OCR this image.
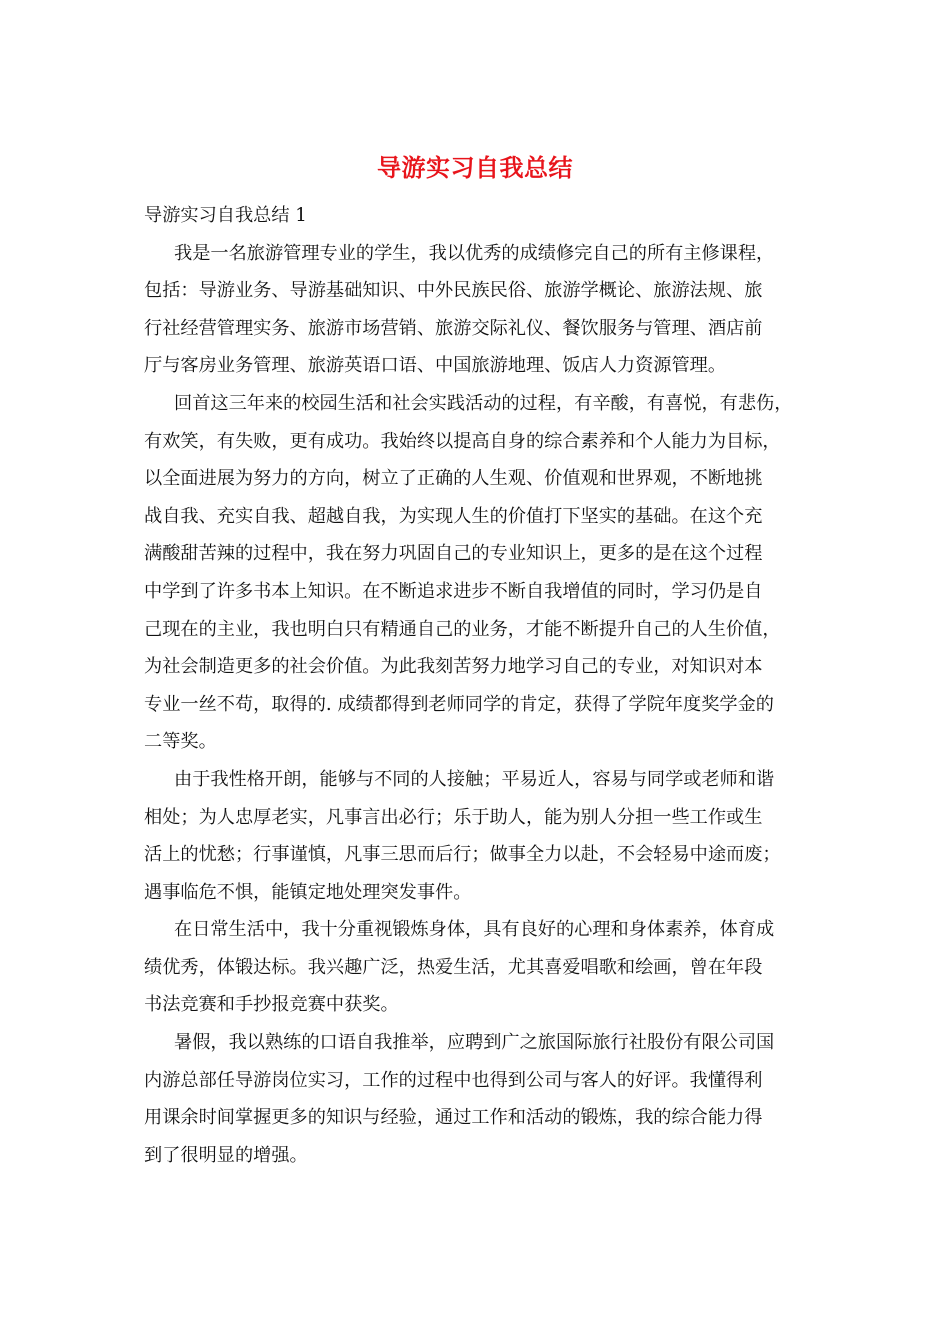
导游实习自我总结
导游实习自我总结 1
我是一名旅游管理专业的学生，我以优秀的成绩修完自己的所有主修课程，
包括：导游业务、导游基础知识、中外民族民俗、旅游学概论、旅游法规、旅
行社经营管理实务、旅游市场营销、旅游交际礼仪、餐饮服务与管理、酒店前
厅与客房业务管理、旅游英语口语、中国旅游地理、饭店人力资源管理。
回首这三年来的校园生活和社会实践活动的过程，有辛酸，有喜悦，有悲伤，
有欢笑，有失败，更有成功。我始终以提高自身的综合素养和个人能力为目标，
以全面进展为努力的方向，树立了正确的人生观、价值观和世界观，不断地挑
战自我、充实自我、超越自我，为实现人生的价值打下坚实的基础。在这个充
满酸甜苦辣的过程中，我在努力巩固自己的专业知识上，更多的是在这个过程
中学到了许多书本上知识。在不断追求进步不断自我增值的同时，学习仍是自
己现在的主业，我也明白只有精通自己的业务，才能不断提升自己的人生价值，
为社会制造更多的社会价值。为此我刻苦努力地学习自己的专业，对知识对本
专业一丝不苟，取得的. 成绩都得到老师同学的肯定，获得了学院年度奖学金的
二等奖。
由于我性格开朗，能够与不同的人接触；平易近人，容易与同学或老师和谐
相处；为人忠厚老实，凡事言出必行；乐于助人，能为别人分担一些工作或生
活上的忧愁；行事谨慎，凡事三思而后行；做事全力以赴，不会轻易中途而废；
遇事临危不惧，能镇定地处理突发事件。
在日常生活中，我十分重视锻炼身体，具有良好的心理和身体素养，体育成
绩优秀，体锻达标。我兴趣广泛，热爱生活，尤其喜爱唱歌和绘画，曾在年段
书法竞赛和手抄报竞赛中获奖。
暑假，我以熟练的口语自我推举，应聘到广之旅国际旅行社股份有限公司国
内游总部任导游岗位实习，工作的过程中也得到公司与客人的好评。我懂得利
用课余时间掌握更多的知识与经验，通过工作和活动的锻炼，我的综合能力得
到了很明显的增强。
